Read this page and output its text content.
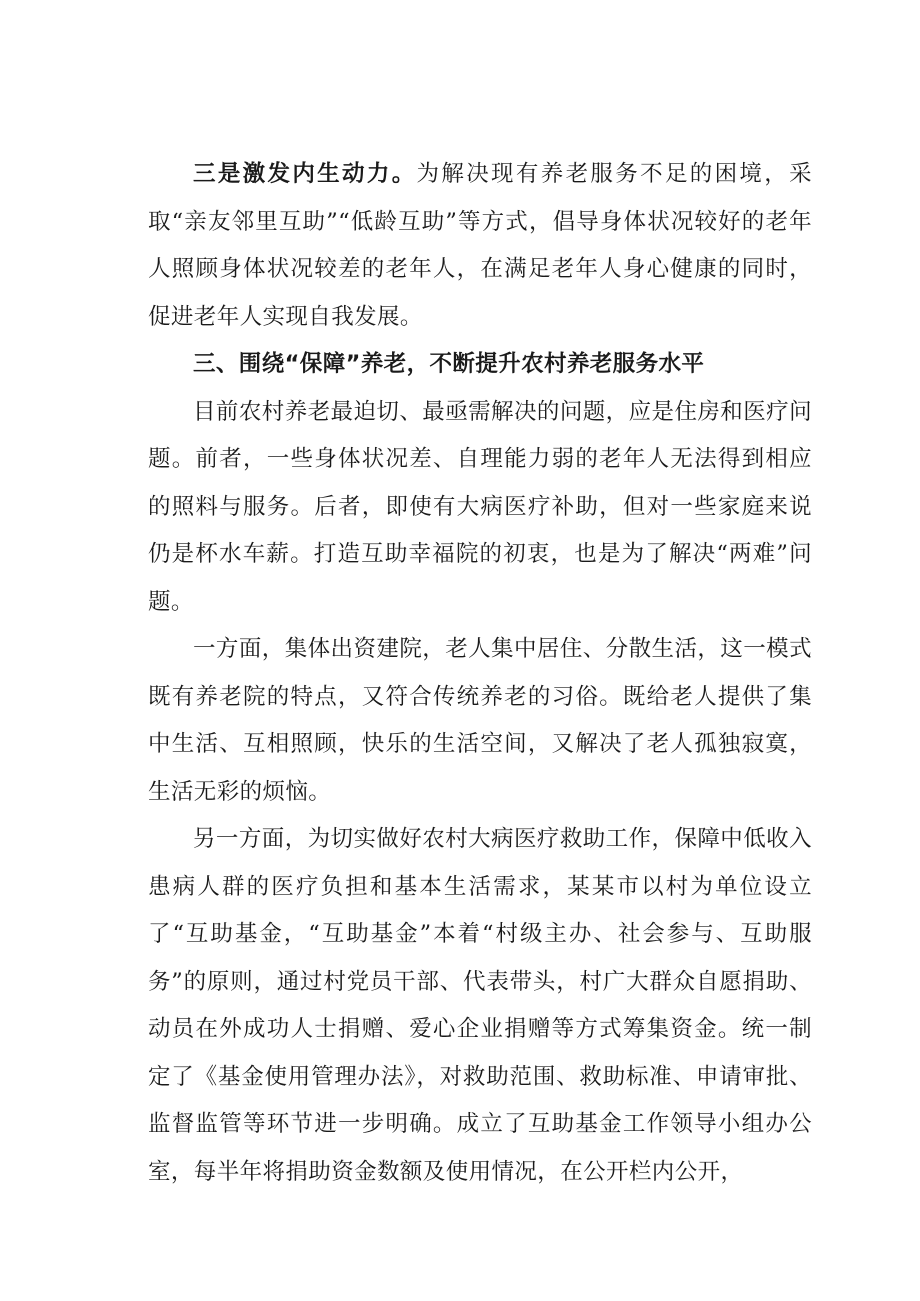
三是激发内生动力。为解决现有养老服务不足的困境，采取“亲友邻里互助”“低龄互助”等方式，倡导身体状况较好的老年人照顾身体状况较差的老年人，在满足老年人身心健康的同时，促进老年人实现自我发展。

三、围绕“保障”养老，不断提升农村养老服务水平

目前农村养老最迫切、最亟需解决的问题，应是住房和医疗问题。前者，一些身体状况差、自理能力弱的老年人无法得到相应的照料与服务。后者，即使有大病医疗补助，但对一些家庭来说仍是杯水车薪。打造互助幸福院的初衷，也是为了解决“两难”问题。

一方面，集体出资建院，老人集中居住、分散生活，这一模式既有养老院的特点，又符合传统养老的习俗。既给老人提供了集中生活、互相照顾，快乐的生活空间，又解决了老人孤独寂寞，生活无彩的烦恼。

另一方面，为切实做好农村大病医疗救助工作，保障中低收入患病人群的医疗负担和基本生活需求，某某市以村为单位设立了“互助基金，“互助基金”本着“村级主办、社会参与、互助服务”的原则，通过村党员干部、代表带头，村广大群众自愿捐助、动员在外成功人士捐赠、爱心企业捐赠等方式筹集资金。统一制定了《基金使用管理办法》，对救助范围、救助标准、申请审批、监督监管等环节进一步明确。成立了互助基金工作领导小组办公室，每半年将捐助资金数额及使用情况，在公开栏内公开，
